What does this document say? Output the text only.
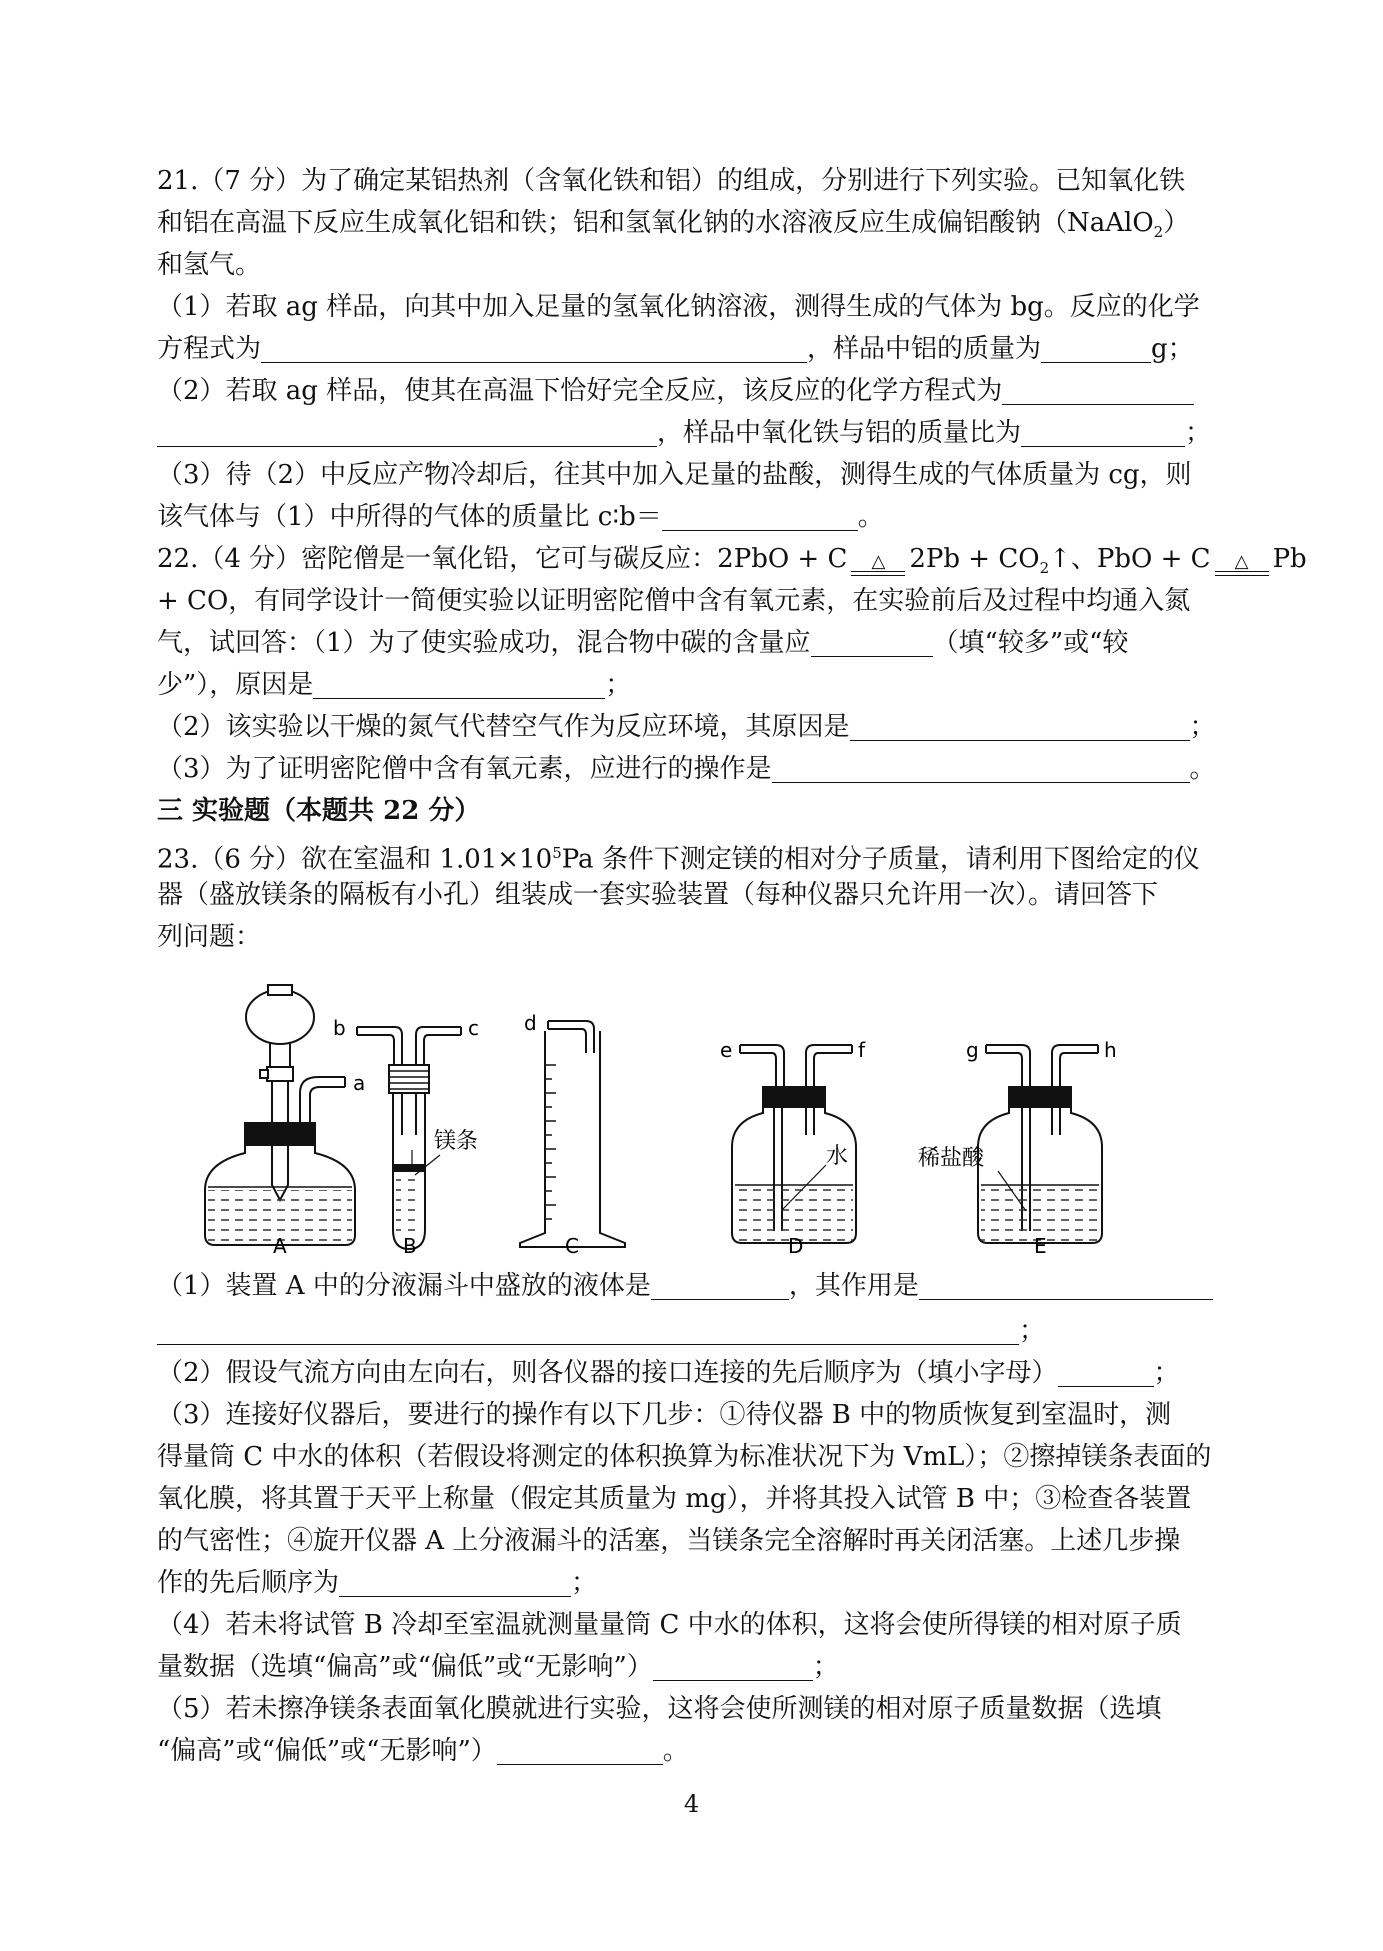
21.（7 分）为了确定某铝热剂（含氧化铁和铝）的组成，分别进行下列实验。已知氧化铁
和铝在高温下反应生成氧化铝和铁；铝和氢氧化钠的水溶液反应生成偏铝酸钠（NaAlO$_2$）
和氢气。
（1）若取 ag 样品，向其中加入足量的氢氧化钠溶液，测得生成的气体为 bg。反应的化学
方程式为	，样品中铝的质量为	g；
（2）若取 ag 样品，使其在高温下恰好完全反应，该反应的化学方程式为
，样品中氧化铁与铝的质量比为	；
（3）待（2）中反应产物冷却后，往其中加入足量的盐酸，测得生成的气体质量为 cg，则
该气体与（1）中所得的气体的质量比 c∶b＝	。
22.（4 分）密陀僧是一氧化铅，它可与碳反应：2PbO + C	△ $2Pb + CO_2↑$、PbO + C	△ Pb
+ CO，有同学设计一简便实验以证明密陀僧中含有氧元素，在实验前后及过程中均通入氮
气，试回答：（1）为了使实验成功，混合物中碳的含量应	（填“较多”或“较
少”），原因是	；
（2）该实验以干燥的氮气代替空气作为反应环境，其原因是	；
（3）为了证明密陀僧中含有氧元素，应进行的操作是	。
三 实验题（本题共 22 分）
23.（6 分）欲在室温和 $1.01\times 10^5Pa$ 条件下测定镁的相对分子质量，请利用下图给定的仪
器（盛放镁条的隔板有小孔）组装成一套实验装置（每种仪器只允许用一次）。请回答下
列问题：
a
b	c
镁条
d
e	f
水
g	h
稀盐酸
A	B	C	D	E
（1）装置 A 中的分液漏斗中盛放的液体是	，其作用是
；
（2）假设气流方向由左向右，则各仪器的接口连接的先后顺序为（填小字母）	；
（3）连接好仪器后，要进行的操作有以下几步：①待仪器 B 中的物质恢复到室温时，测
得量筒 C 中水的体积（若假设将测定的体积换算为标准状况下为 VmL）；②擦掉镁条表面的
氧化膜，将其置于天平上称量（假定其质量为 mg），并将其投入试管 B 中；③检查各装置
的气密性；④旋开仪器 A 上分液漏斗的活塞，当镁条完全溶解时再关闭活塞。上述几步操
作的先后顺序为	；
（4）若未将试管 B 冷却至室温就测量量筒 C 中水的体积，这将会使所得镁的相对原子质
量数据（选填“偏高”或“偏低”或“无影响”）	；
（5）若未擦净镁条表面氧化膜就进行实验，这将会使所测镁的相对原子质量数据（选填
“偏高”或“偏低”或“无影响”）	。
4
